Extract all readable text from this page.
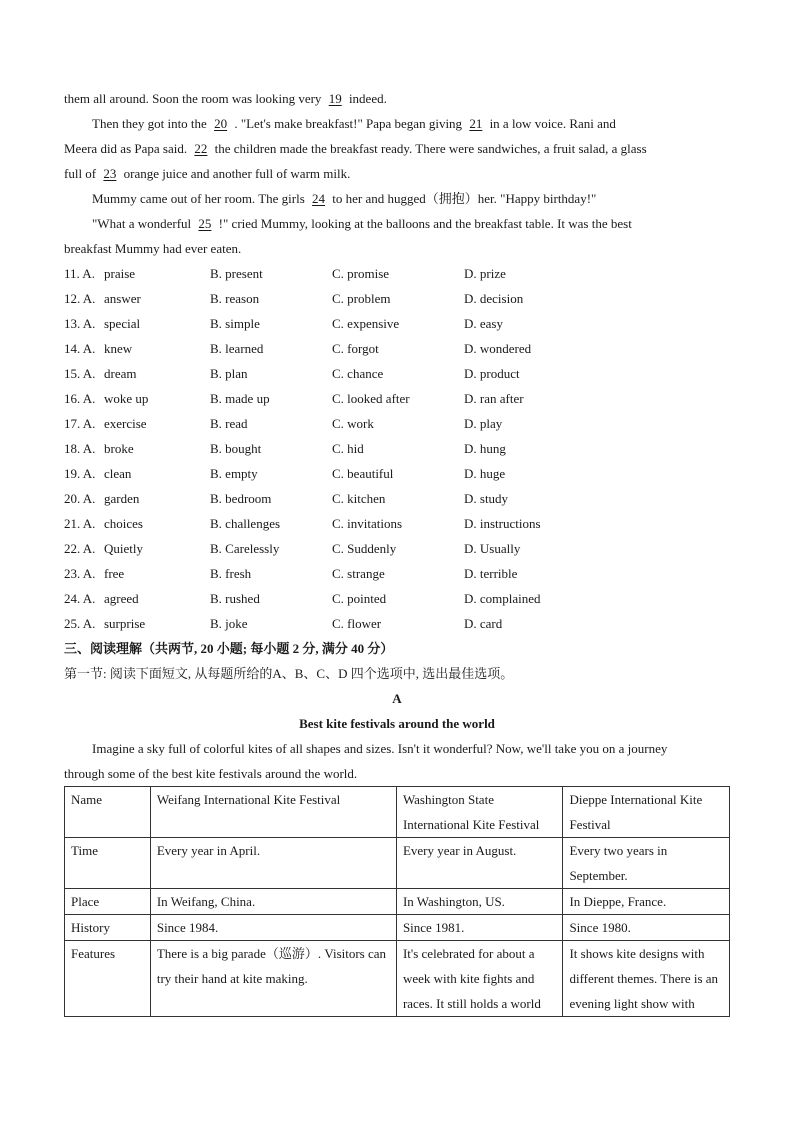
them all around. Soon the room was looking very 19 indeed.
Then they got into the 20 . "Let's make breakfast!" Papa began giving 21 in a low voice. Rani and
Meera did as Papa said. 22 the children made the breakfast ready. There were sandwiches, a fruit salad, a glass
full of 23 orange juice and another full of warm milk.
Mummy came out of her room. The girls 24 to her and hugged（拥抱）her. "Happy birthday!"
"What a wonderful 25 !" cried Mummy, looking at the balloons and the breakfast table. It was the best
breakfast Mummy had ever eaten.
11. A. praise	B. present	C. promise	D. prize
12. A. answer	B. reason	C. problem	D. decision
13. A. special	B. simple	C. expensive	D. easy
14. A. knew	B. learned	C. forgot	D. wondered
15. A. dream	B. plan	C. chance	D. product
16. A. woke up	B. made up	C. looked after	D. ran after
17. A. exercise	B. read	C. work	D. play
18. A. broke	B. bought	C. hid	D. hung
19. A. clean	B. empty	C. beautiful	D. huge
20. A. garden	B. bedroom	C. kitchen	D. study
21. A. choices	B. challenges	C. invitations	D. instructions
22. A. Quietly	B. Carelessly	C. Suddenly	D. Usually
23. A. free	B. fresh	C. strange	D. terrible
24. A. agreed	B. rushed	C. pointed	D. complained
25. A. surprise	B. joke	C. flower	D. card
三、阅读理解（共两节, 20 小题; 每小题 2 分, 满分 40 分）
第一节: 阅读下面短文, 从每题所给的A、B、C、D 四个选项中, 选出最佳选项。
A
Best kite festivals around the world
Imagine a sky full of colorful kites of all shapes and sizes. Isn't it wonderful? Now, we'll take you on a journey
through some of the best kite festivals around the world.
Name	Weifang International Kite Festival	Washington State International Kite Festival	Dieppe International Kite Festival
Time	Every year in April.	Every year in August.	Every two years in September.
Place	In Weifang, China.	In Washington, US.	In Dieppe, France.
History	Since 1984.	Since 1981.	Since 1980.
Features	There is a big parade（巡游）. Visitors can try their hand at kite making.	It's celebrated for about a week with kite fights and races. It still holds a world	It shows kite designs with different themes. There is an evening light show with
